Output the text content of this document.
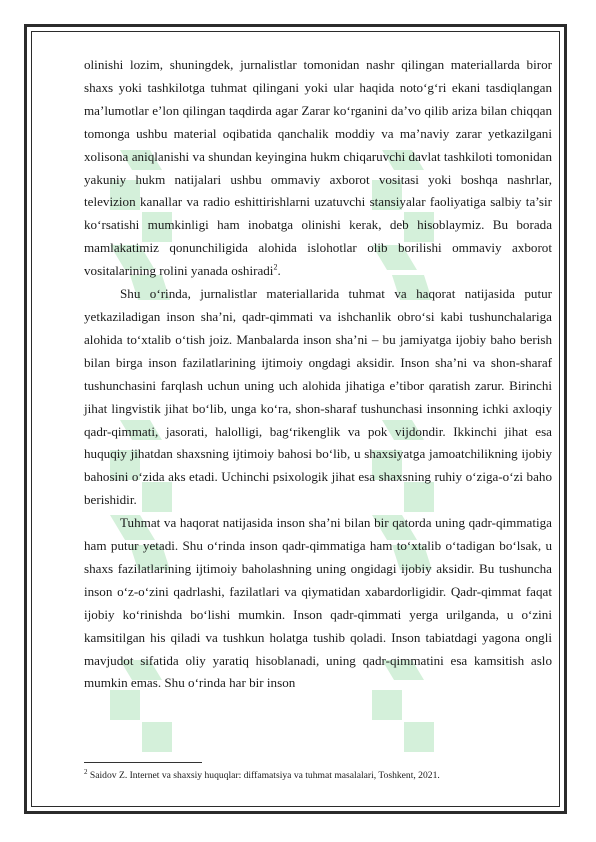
olinishi lozim, shuningdek, jurnalistlar tomonidan nashr qilingan materiallarda biror shaxs yoki tashkilotga tuhmat qilingani yoki ular haqida noto‘g‘ri ekani tasdiqlangan ma’lumotlar e’lon qilingan taqdirda agar Zarar ko‘rganini da’vo qilib ariza bilan chiqqan tomonga ushbu material oqibatida qanchalik moddiy va ma’naviy zarar yetkazilgani xolisona aniqlanishi va shundan keyingina hukm chiqaruvchi davlat tashkiloti tomonidan yakuniy hukm natijalari ushbu ommaviy axborot vositasi yoki boshqa nashrlar, televizion kanallar va radio eshittirishlarni uzatuvchi stansiyalar faoliyatiga salbiy ta’sir ko‘rsatishi mumkinligi ham inobatga olinishi kerak, deb hisoblaymiz. Bu borada mamlakatimiz qonunchiligida alohida islohotlar olib borilishi ommaviy axborot vositalarining rolini yanada oshiradi$^2$.

Shu o‘rinda, jurnalistlar materiallarida tuhmat va haqorat natijasida putur yetkaziladigan inson sha’ni, qadr-qimmati va ishchanlik obro‘si kabi tushunchalariga alohida to‘xtalib o‘tish joiz. Manbalarda inson sha’ni – bu jamiyatga ijobiy baho berish bilan birga inson fazilatlarining ijtimoiy ongdagi aksidir. Inson sha’ni va shon-sharaf tushunchasini farqlash uchun uning uch alohida jihatiga e’tibor qaratish zarur. Birinchi jihat lingvistik jihat bo‘lib, unga ko‘ra, shon-sharaf tushunchasi insonning ichki axloqiy qadr-qimmati, jasorati, halolligi, bag‘rikenglik va pok vijdondir. Ikkinchi jihat esa huquqiy jihatdan shaxsning ijtimoiy bahosi bo‘lib, u shaxsiyatga jamoatchilikning ijobiy bahosini o‘zida aks etadi. Uchinchi psixologik jihat esa shaxsning ruhiy o‘ziga-o‘zi baho berishidir.

Tuhmat va haqorat natijasida inson sha’ni bilan bir qatorda uning qadr-qimmatiga ham putur yetadi. Shu o‘rinda inson qadr-qimmatiga ham to‘xtalib o‘tadigan bo‘lsak, u shaxs fazilatlarining ijtimoiy baholashning uning ongidagi ijobiy aksidir. Bu tushuncha inson o‘z-o‘zini qadrlashi, fazilatlari va qiymatidan xabardorligidir. Qadr-qimmat faqat ijobiy ko‘rinishda bo‘lishi mumkin. Inson qadr-qimmati yerga urilganda, u o‘zini kamsitilgan his qiladi va tushkun holatga tushib qoladi. Inson tabiatdagi yagona ongli mavjudot sifatida oliy yaratiq hisoblanadi, uning qadr-qimmatini esa kamsitish aslo mumkin emas. Shu o‘rinda har bir inson

$^2$ Saidov Z. Internet va shaxsiy huquqlar: diffamatsiya va tuhmat masalalari, Toshkent, 2021.
